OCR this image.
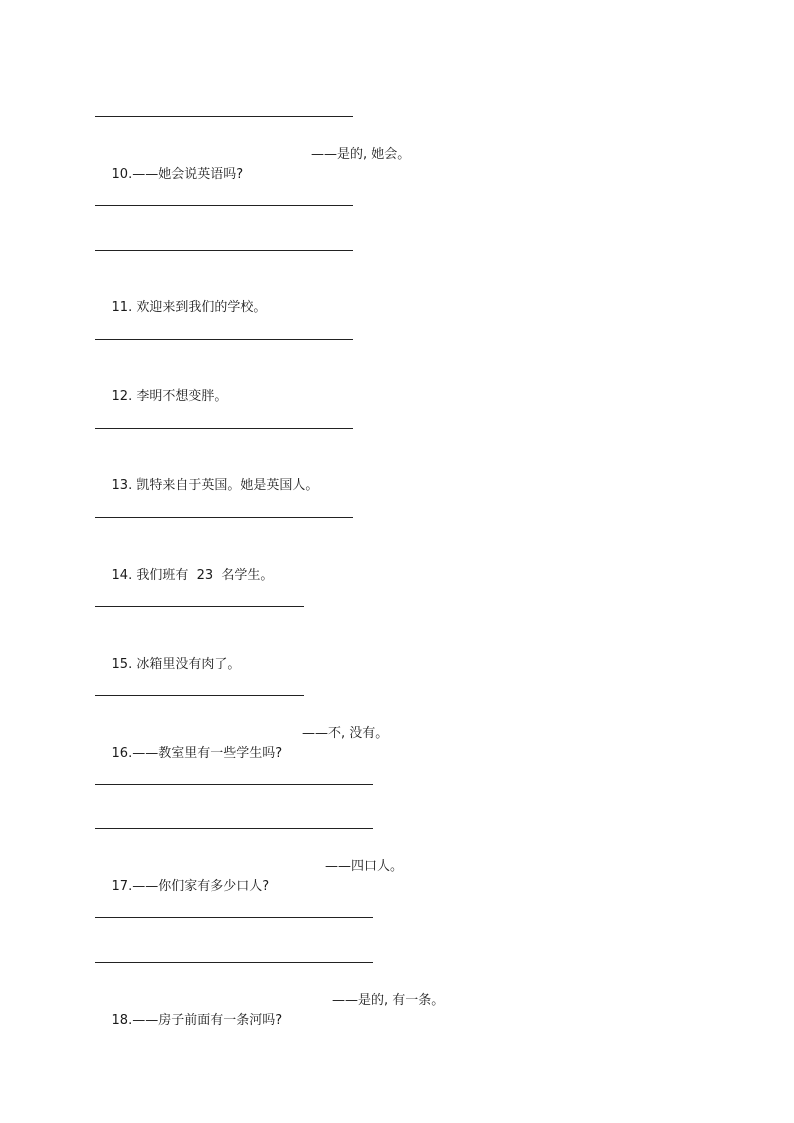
10.——她会说英语吗?

——是的, 她会。

11. 欢迎来到我们的学校。

12. 李明不想变胖。

13. 凯特来自于英国。她是英国人。

14. 我们班有  23  名学生。

15. 冰箱里没有肉了。

16.——教室里有一些学生吗?

——不, 没有。

17.——你们家有多少口人?

——四口人。

18.——房子前面有一条河吗?

——是的, 有一条。
